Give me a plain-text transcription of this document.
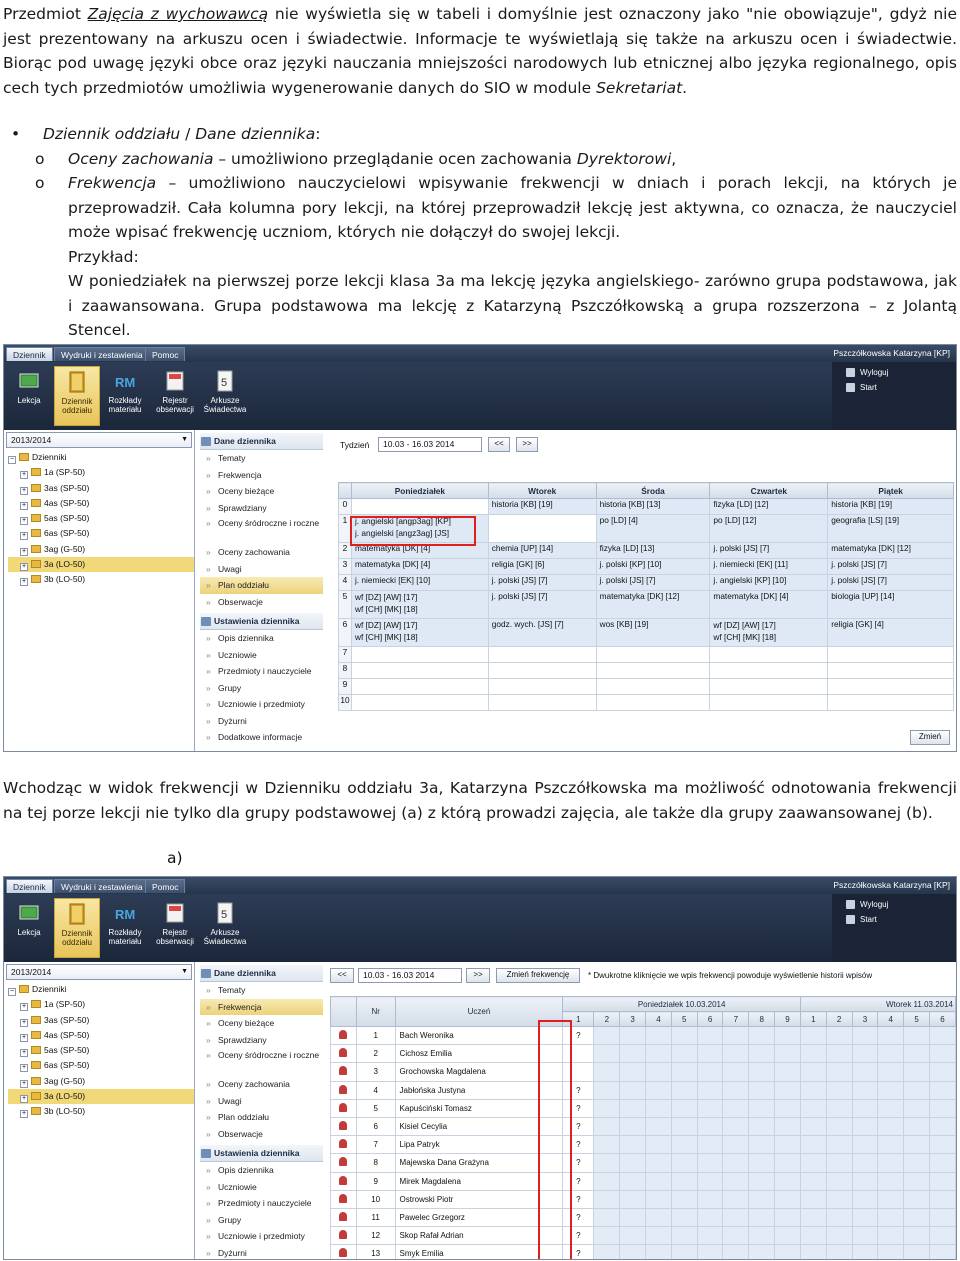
Przedmiot Zajęcia z wychowawcą nie wyświetla się w tabeli i domyślnie jest oznaczony jako "nie obowiązuje", gdyż nie jest prezentowany na arkuszu ocen i świadectwie. Informacje te wyświetlają się także na arkuszu ocen i świadectwie. Biorąc pod uwagę języki obce oraz języki nauczania mniejszości narodowych lub etnicznej albo języka regionalnego, opis cech tych przedmiotów umożliwia wygenerowanie danych do SIO w module Sekretariat.
• Dziennik oddziału / Dane dziennika:
o Oceny zachowania – umożliwiono przeglądanie ocen zachowania Dyrektorowi,
o Frekwencja – umożliwiono nauczycielowi wpisywanie frekwencji w dniach i porach lekcji, na których je przeprowadził. Cała kolumna pory lekcji, na której przeprowadził lekcję jest aktywna, co oznacza, że nauczyciel może wpisać frekwencję uczniom, których nie dołączył do swojej lekcji.
Przykład:
W poniedziałek na pierwszej porze lekcji klasa 3a ma lekcję języka angielskiego- zarówno grupa podstawowa, jak i zaawansowana. Grupa podstawowa ma lekcję z Katarzyną Pszczółkowską a grupa rozszerzona – z Jolantą Stencel.
Dziennik	Wydruki i zestawienia	Pomoc	Pszczółkowska Katarzyna [KP]
Lekcja	Dziennik oddziału
RM
Rozkłady materiału
Rejestr obserwacji
5
Arkusze Świadectwa
Wyloguj
Start
2013/2014	▼
− Dzienniki
+ 1a (SP-50)
+ 3as (SP-50)
+ 4as (SP-50)
+ 5as (SP-50)
+ 6as (SP-50)
+ 3ag (G-50)
+ 3a (LO-50)
+ 3b (LO-50)
Dane dziennika
» Tematy
» Frekwencja
» Oceny bieżące
» Sprawdziany
» Oceny śródroczne i roczne
» Oceny zachowania
» Uwagi
» Plan oddziału
» Obserwacje
Ustawienia dziennika
» Opis dziennika
» Uczniowie
» Przedmioty i nauczyciele
» Grupy
» Uczniowie i przedmioty
» Dyżurni
» Dodatkowe informacje
Tydzień	10.03 - 16.03 2014	<<	>>
	Poniedziałek	Wtorek	Środa	Czwartek	Piątek
0		historia [KB] [19]	historia [KB] [13]	fizyka [LD] [12]	historia [KB] [19]
1	j. angielski [angp3ag] [KP]
j. angielski [angz3ag] [JS]		po [LD] [4]	po [LD] [12]	geografia [LS] [19]
2	matematyka [DK] [4]	chemia [UP] [14]	fizyka [LD] [13]	j. polski [JS] [7]	matematyka [DK] [12]
3	matematyka [DK] [4]	religia [GK] [6]	j. polski [KP] [10]	j. niemiecki [EK] [11]	j. polski [JS] [7]
4	j. niemiecki [EK] [10]	j. polski [JS] [7]	j. polski [JS] [7]	j. angielski [KP] [10]	j. polski [JS] [7]
5	wf [DZ] [AW] [17]
wf [CH] [MK] [18]	j. polski [JS] [7]	matematyka [DK] [12]	matematyka [DK] [4]	biologia [UP] [14]
6	wf [DZ] [AW] [17]
wf [CH] [MK] [18]	godz. wych. [JS] [7]	wos [KB] [19]	wf [DZ] [AW] [17]
wf [CH] [MK] [18]	religia [GK] [4]
7					
8					
9					
10					
Zmień
Wchodząc w widok frekwencji w Dzienniku oddziału 3a, Katarzyna Pszczółkowska ma możliwość odnotowania frekwencji na tej porze lekcji nie tylko dla grupy podstawowej (a) z którą prowadzi zajęcia, ale także dla grupy zaawansowanej (b).
a)
Dziennik	Wydruki i zestawienia	Pomoc	Pszczółkowska Katarzyna [KP]
Lekcja	Dziennik oddziału
RM
Rozkłady materiału
Rejestr obserwacji
5
Arkusze Świadectwa
Wyloguj
Start
2013/2014	▼
− Dzienniki
+ 1a (SP-50)
+ 3as (SP-50)
+ 4as (SP-50)
+ 5as (SP-50)
+ 6as (SP-50)
+ 3ag (G-50)
+ 3a (LO-50)
+ 3b (LO-50)
Dane dziennika
» Tematy
» Frekwencja
» Oceny bieżące
» Sprawdziany
» Oceny śródroczne i roczne
» Oceny zachowania
» Uwagi
» Plan oddziału
» Obserwacje
Ustawienia dziennika
» Opis dziennika
» Uczniowie
» Przedmioty i nauczyciele
» Grupy
» Uczniowie i przedmioty
» Dyżurni
<<	10.03 - 16.03 2014	>>	Zmień frekwencję	* Dwukrotne kliknięcie we wpis frekwencji powoduje wyświetlenie historii wpisów
	Nr	Uczeń	Poniedziałek 10.03.2014									Wtorek 11.03.2014					
			1	2	3	4	5	6	7	8	9	1	2	3	4	5	6
	1	Bach Weronika	?														
	2	Cichosz Emilia															
	3	Grochowska Magdalena															
	4	Jabłońska Justyna	?														
	5	Kapuściński Tomasz	?														
	6	Kisiel Cecylia	?														
	7	Lipa Patryk	?														
	8	Majewska Dana Grażyna	?														
	9	Mirek Magdalena	?														
	10	Ostrowski Piotr	?														
	11	Pawelec Grzegorz	?														
	12	Skop Rafał Adrian	?														
	13	Smyk Emilia	?														
